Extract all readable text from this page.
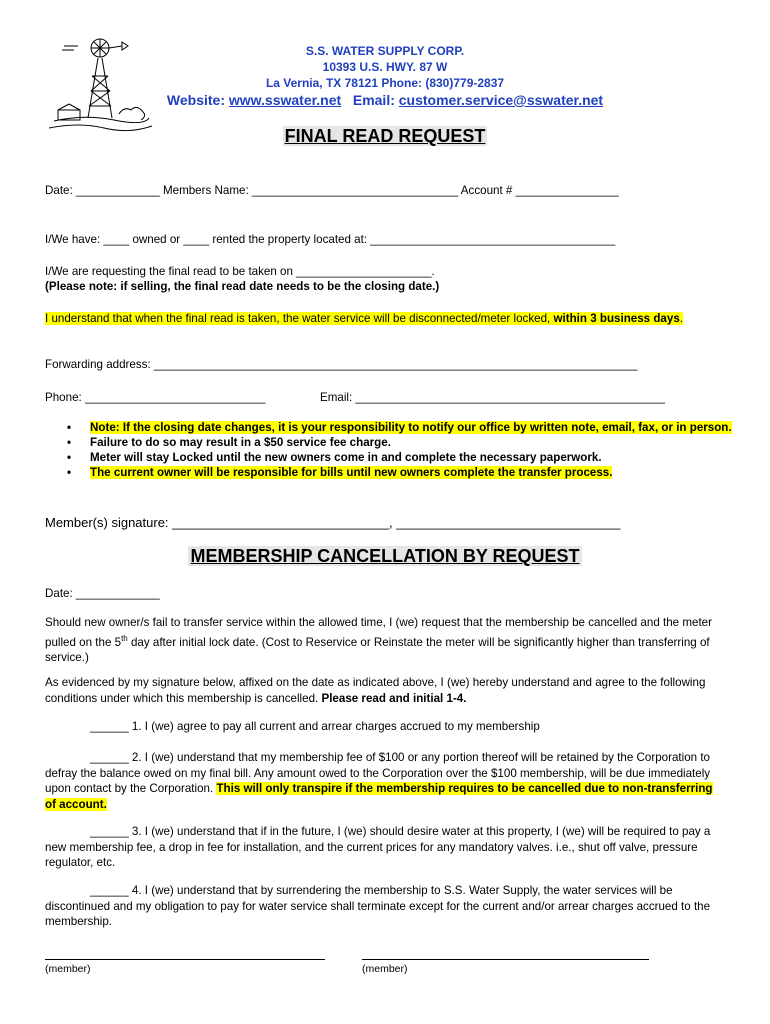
S.S. WATER SUPPLY CORP.
10393 U.S. HWY. 87 W
La Vernia, TX 78121 Phone: (830)779-2837
Website: www.sswater.net Email: customer.service@sswater.net
FINAL READ REQUEST
Date: _____________ Members Name: ________________________________ Account # ________________
I/We have: ____ owned or ____ rented the property located at: ______________________________________
I/We are requesting the final read to be taken on _____________________.
(Please note: if selling, the final read date needs to be the closing date.)
I understand that when the final read is taken, the water service will be disconnected/meter locked, within 3 business days.
Forwarding address: ___________________________________________________________________________
Phone: ____________________________	Email: ________________________________________________
• Note: If the closing date changes, it is your responsibility to notify our office by written note, email, fax, or in person.
• Failure to do so may result in a $50 service fee charge.
• Meter will stay Locked until the new owners come in and complete the necessary paperwork.
• The current owner will be responsible for bills until new owners complete the transfer process.
Member(s) signature: ______________________________, _______________________________
MEMBERSHIP CANCELLATION BY REQUEST
Date: _____________
Should new owner/s fail to transfer service within the allowed time, I (we) request that the membership be cancelled and the meter pulled on the 5th day after initial lock date. (Cost to Reservice or Reinstate the meter will be significantly higher than transferring of service.)
As evidenced by my signature below, affixed on the date as indicated above, I (we) hereby understand and agree to the following conditions under which this membership is cancelled. Please read and initial 1-4.
______ 1. I (we) agree to pay all current and arrear charges accrued to my membership
______ 2. I (we) understand that my membership fee of $100 or any portion thereof will be retained by the Corporation to defray the balance owed on my final bill. Any amount owed to the Corporation over the $100 membership, will be due immediately upon contact by the Corporation. This will only transpire if the membership requires to be cancelled due to non-transferring of account.
______ 3. I (we) understand that if in the future, I (we) should desire water at this property, I (we) will be required to pay a new membership fee, a drop in fee for installation, and the current prices for any mandatory valves. i.e., shut off valve, pressure regulator, etc.
______ 4. I (we) understand that by surrendering the membership to S.S. Water Supply, the water services will be discontinued and my obligation to pay for water service shall terminate except for the current and/or arrear charges accrued to the membership.
(member)	(member)
